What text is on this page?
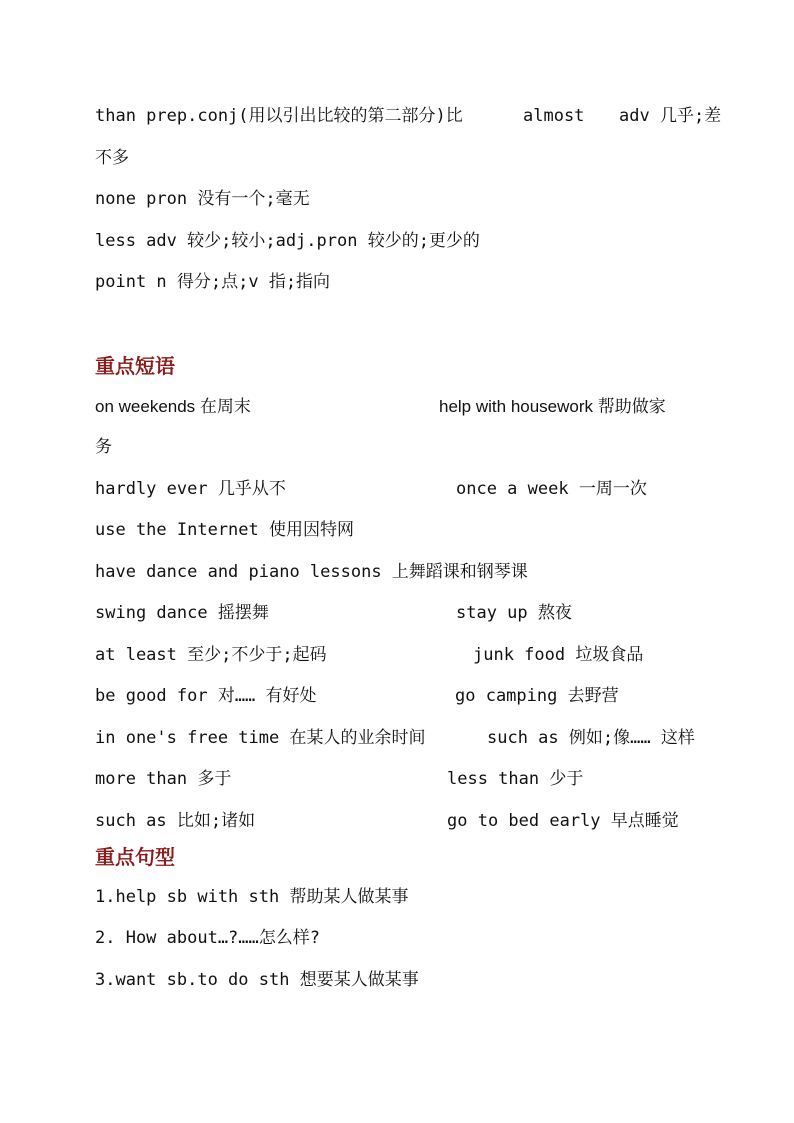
than prep.conj(用以引出比较的第二部分)比	almost adv 几乎;差
不多
none pron 没有一个;毫无
less adv 较少;较小;adj.pron 较少的;更少的
point n 得分;点;v 指;指向
重点短语
on weekends 在周末	help with housework 帮助做家
务
hardly ever 几乎从不	once a week 一周一次
use the Internet 使用因特网
have dance and piano lessons 上舞蹈课和钢琴课
swing dance 摇摆舞	stay up 熬夜
at least 至少;不少于;起码	junk food 垃圾食品
be good for 对…… 有好处	go camping 去野营
in one's free time 在某人的业余时间	such as 例如;像…… 这样
more than 多于	less than 少于
such as 比如;诸如	go to bed early 早点睡觉
重点句型
1.help sb with sth 帮助某人做某事
2. How about…?……怎么样?
3.want sb.to do sth 想要某人做某事
